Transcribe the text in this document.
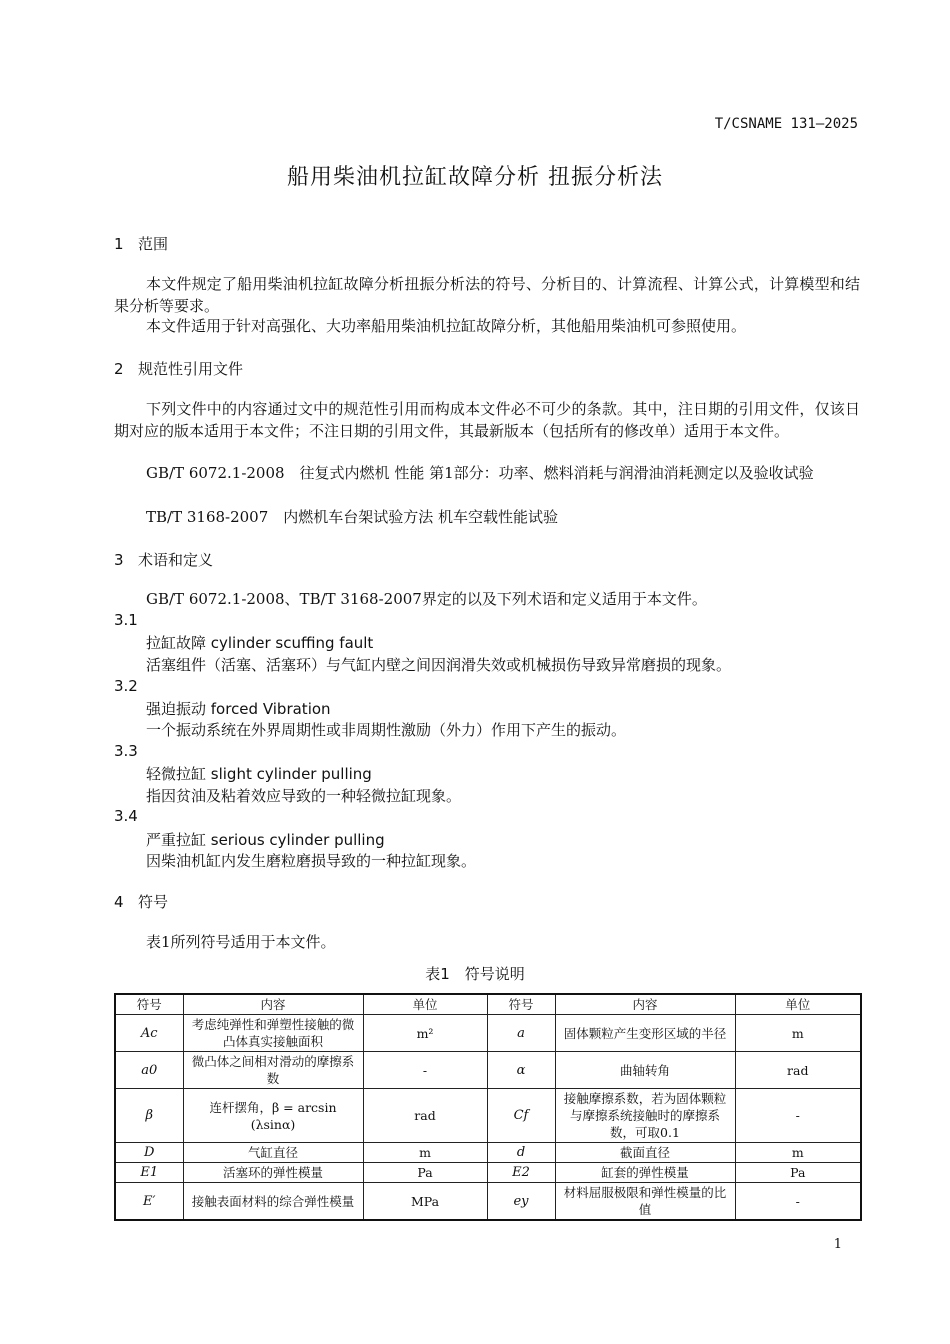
T/CSNAME 131—2025
船用柴油机拉缸故障分析 扭振分析法
1 范围
本文件规定了船用柴油机拉缸故障分析扭振分析法的符号、分析目的、计算流程、计算公式，计算模型和结果分析等要求。
本文件适用于针对高强化、大功率船用柴油机拉缸故障分析，其他船用柴油机可参照使用。
2 规范性引用文件
下列文件中的内容通过文中的规范性引用而构成本文件必不可少的条款。其中，注日期的引用文件，仅该日期对应的版本适用于本文件；不注日期的引用文件，其最新版本（包括所有的修改单）适用于本文件。
GB/T 6072.1-2008　往复式内燃机 性能 第1部分：功率、燃料消耗与润滑油消耗测定以及验收试验
TB/T 3168-2007　内燃机车台架试验方法 机车空载性能试验
3 术语和定义
GB/T 6072.1-2008、TB/T 3168-2007界定的以及下列术语和定义适用于本文件。
3.1
拉缸故障 cylinder scuffing fault
活塞组件（活塞、活塞环）与气缸内壁之间因润滑失效或机械损伤导致异常磨损的现象。
3.2
强迫振动 forced Vibration
一个振动系统在外界周期性或非周期性激励（外力）作用下产生的振动。
3.3
轻微拉缸 slight cylinder pulling
指因贫油及粘着效应导致的一种轻微拉缸现象。
3.4
严重拉缸 serious cylinder pulling
因柴油机缸内发生磨粒磨损导致的一种拉缸现象。
4 符号
表1所列符号适用于本文件。
表1　符号说明
符号	内容	单位	符号	内容	单位
Ac	考虑纯弹性和弹塑性接触的微凸体真实接触面积	m²	a	固体颗粒产生变形区域的半径	m
a0	微凸体之间相对滑动的摩擦系数	-	α	曲轴转角	rad
β	连杆摆角，β = arcsin (λsinα)	rad	Cf	接触摩擦系数，若为固体颗粒与摩擦系统接触时的摩擦系数，可取0.1	-
D	气缸直径	m	d	截面直径	m
E1	活塞环的弹性模量	Pa	E2	缸套的弹性模量	Pa
E′	接触表面材料的综合弹性模量	MPa	ey	材料屈服极限和弹性模量的比值	-
1
